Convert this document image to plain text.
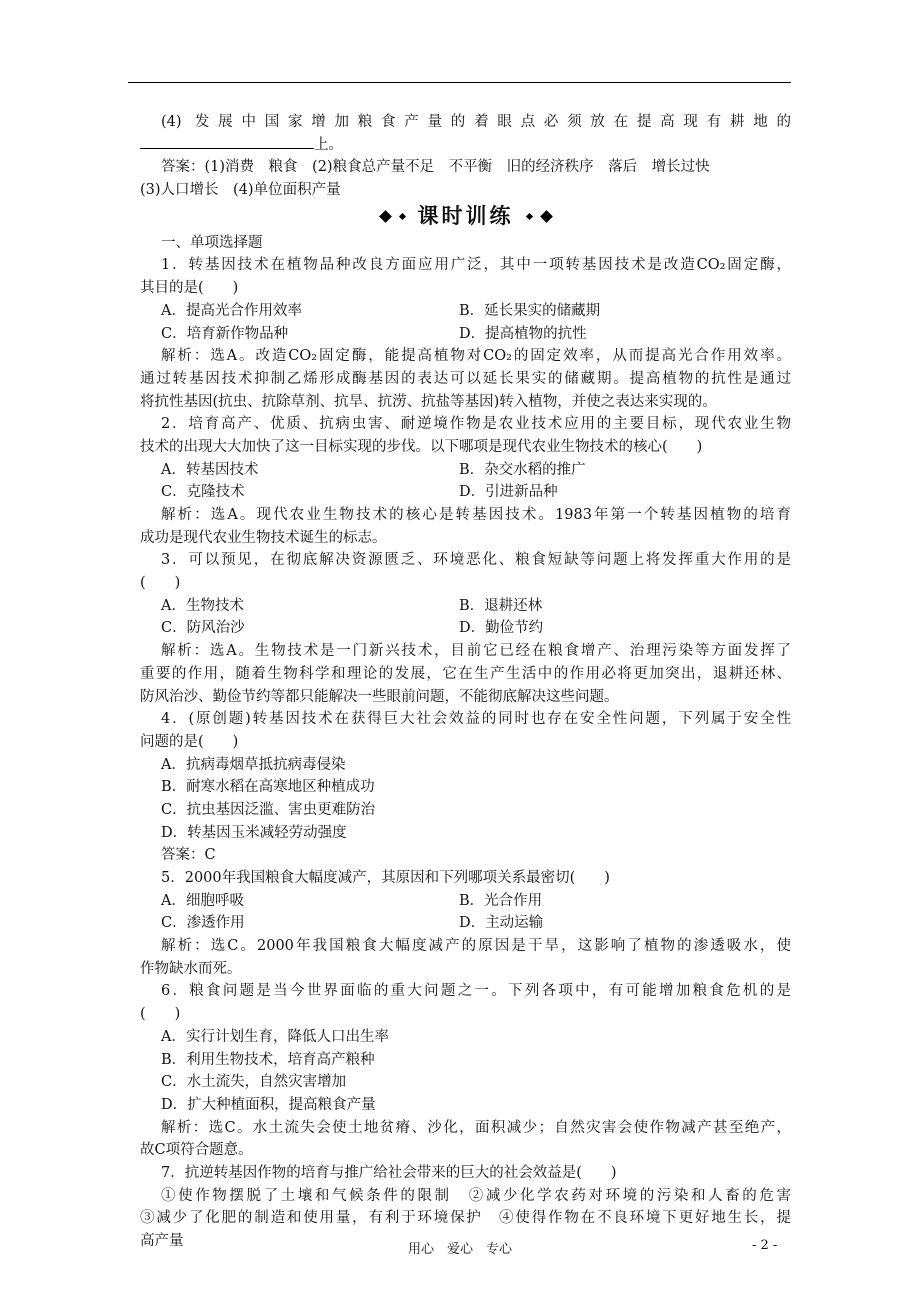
(4) 发展中国家增加粮食产量的着眼点必须放在提高现有耕地的
上。
答案：(1)消费　粮食　(2)粮食总产量不足　不平衡　旧的经济秩序　落后　增长过快
(3)人口增长　(4)单位面积产量
课时训练
一、单项选择题
1．转基因技术在植物品种改良方面应用广泛，其中一项转基因技术是改造CO₂固定酶，
其目的是(　　)
A．提高光合作用效率	B．延长果实的储藏期
C．培育新作物品种	D．提高植物的抗性
解析：选A。改造CO₂固定酶，能提高植物对CO₂的固定效率，从而提高光合作用效率。
通过转基因技术抑制乙烯形成酶基因的表达可以延长果实的储藏期。提高植物的抗性是通过
将抗性基因(抗虫、抗除草剂、抗旱、抗涝、抗盐等基因)转入植物，并使之表达来实现的。
2．培育高产、优质、抗病虫害、耐逆境作物是农业技术应用的主要目标，现代农业生物
技术的出现大大加快了这一目标实现的步伐。以下哪项是现代农业生物技术的核心(　　)
A．转基因技术	B．杂交水稻的推广
C．克隆技术	D．引进新品种
解析：选A。现代农业生物技术的核心是转基因技术。1983年第一个转基因植物的培育
成功是现代农业生物技术诞生的标志。
3．可以预见，在彻底解决资源匮乏、环境恶化、粮食短缺等问题上将发挥重大作用的是
(　　)
A．生物技术	B．退耕还林
C．防风治沙	D．勤俭节约
解析：选A。生物技术是一门新兴技术，目前它已经在粮食增产、治理污染等方面发挥了
重要的作用，随着生物科学和理论的发展，它在生产生活中的作用必将更加突出，退耕还林、
防风治沙、勤俭节约等都只能解决一些眼前问题，不能彻底解决这些问题。
4．(原创题)转基因技术在获得巨大社会效益的同时也存在安全性问题，下列属于安全性
问题的是(　　)
A．抗病毒烟草抵抗病毒侵染
B．耐寒水稻在高寒地区种植成功
C．抗虫基因泛滥、害虫更难防治
D．转基因玉米减轻劳动强度
答案：C
5．2000年我国粮食大幅度减产，其原因和下列哪项关系最密切(　　)
A．细胞呼吸	B．光合作用
C．渗透作用	D．主动运输
解析：选C。2000年我国粮食大幅度减产的原因是干旱，这影响了植物的渗透吸水，使
作物缺水而死。
6．粮食问题是当今世界面临的重大问题之一。下列各项中，有可能增加粮食危机的是
(　　)
A．实行计划生育，降低人口出生率
B．利用生物技术，培育高产粮种
C．水土流失，自然灾害增加
D．扩大种植面积，提高粮食产量
解析：选C。水土流失会使土地贫瘠、沙化，面积减少；自然灾害会使作物减产甚至绝产，
故C项符合题意。
7．抗逆转基因作物的培育与推广给社会带来的巨大的社会效益是(　　)
①使作物摆脱了土壤和气候条件的限制　②减少化学农药对环境的污染和人畜的危害
③减少了化肥的制造和使用量，有利于环境保护　④使得作物在不良环境下更好地生长，提
高产量
用心　爱心　专心	- 2 -
